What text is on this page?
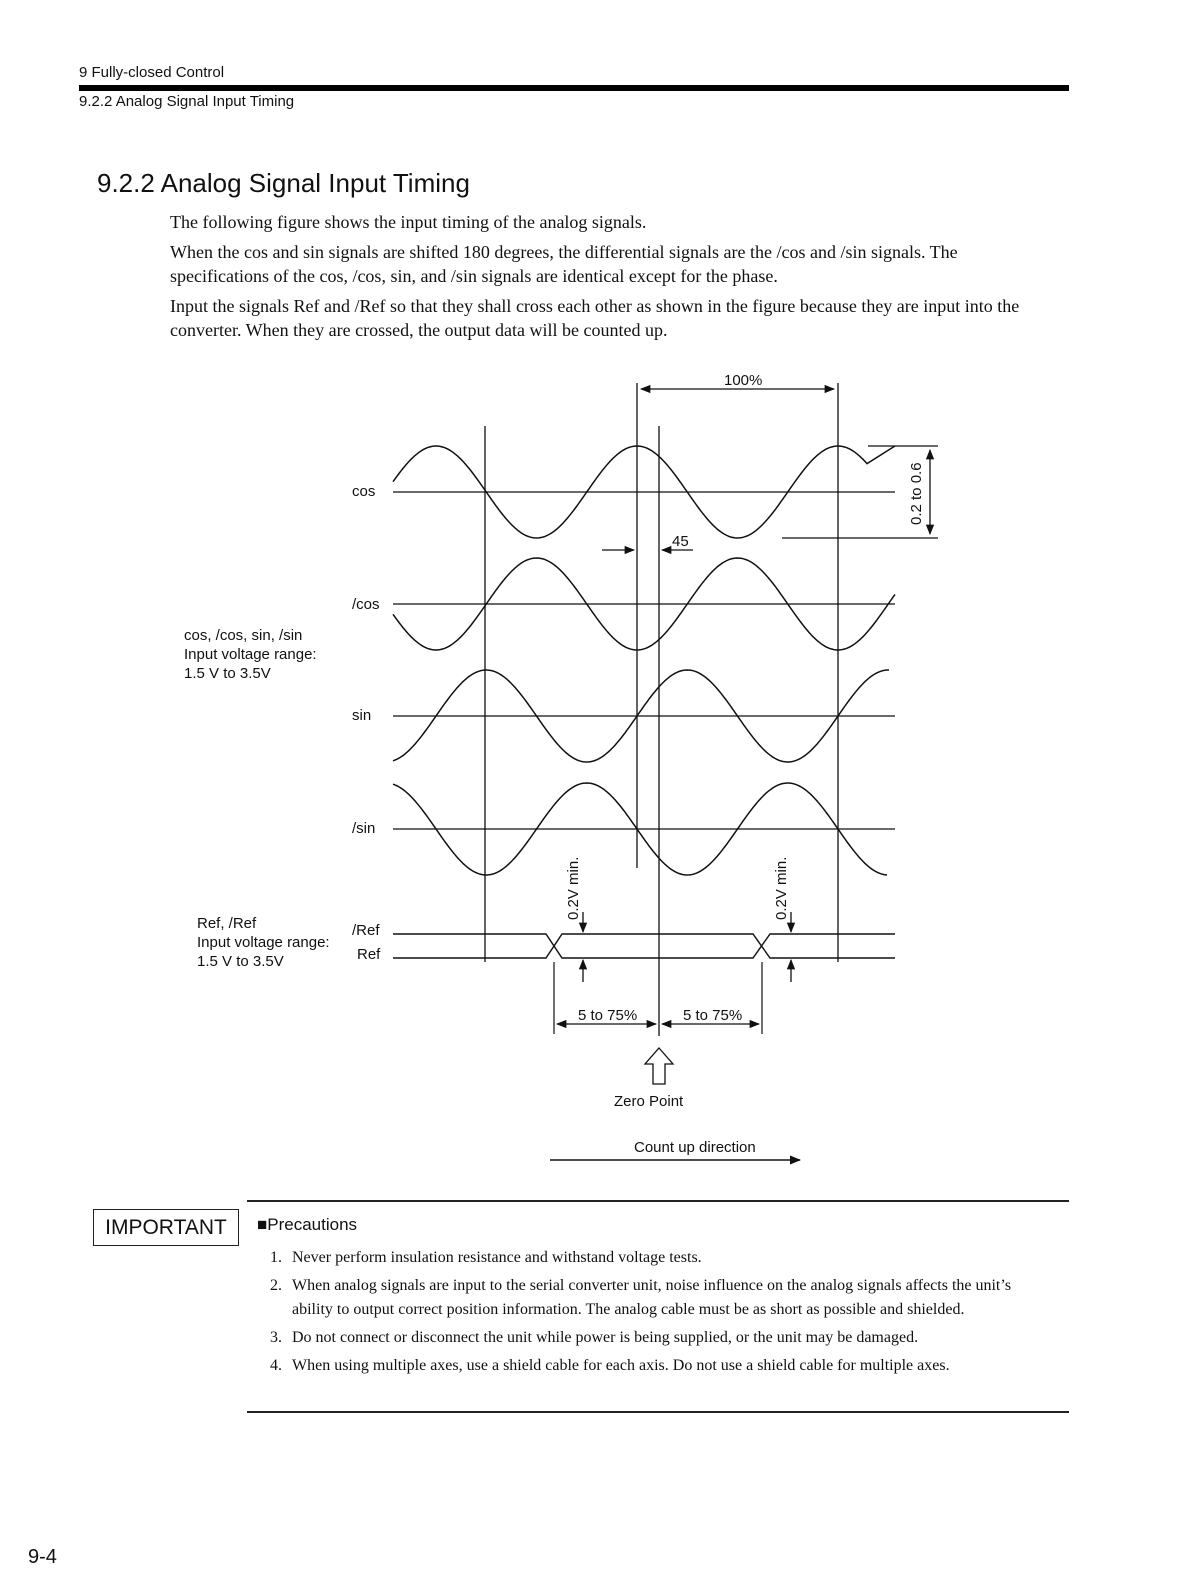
9 Fully-closed Control
9.2.2 Analog Signal Input Timing
9.2.2 Analog Signal Input Timing

The following figure shows the input timing of the analog signals.

When the cos and sin signals are shifted 180 degrees, the differential signals are the /cos and /sin signals. The specifications of the cos, /cos, sin, and /sin signals are identical except for the phase.

Input the signals Ref and /Ref so that they shall cross each other as shown in the figure because they are input into the converter. When they are crossed, the output data will be counted up.

100%
cos
/cos
sin
/sin
/Ref
Ref
0.2 to 0.6
45
cos, /cos, sin, /sin Input voltage range: 1.5 V to 3.5V
Ref, /Ref Input voltage range: 1.5 V to 3.5V
0.2V min.	0.2V min.
5 to 75%	5 to 75%
Zero Point
Count up direction
IMPORTANT	■Precautions
1. Never perform insulation resistance and withstand voltage tests.
2. When analog signals are input to the serial converter unit, noise influence on the analog signals affects the unit’s ability to output correct position information. The analog cable must be as short as possible and shielded.
3. Do not connect or disconnect the unit while power is being supplied, or the unit may be damaged.
4. When using multiple axes, use a shield cable for each axis. Do not use a shield cable for multiple axes.
9-4
